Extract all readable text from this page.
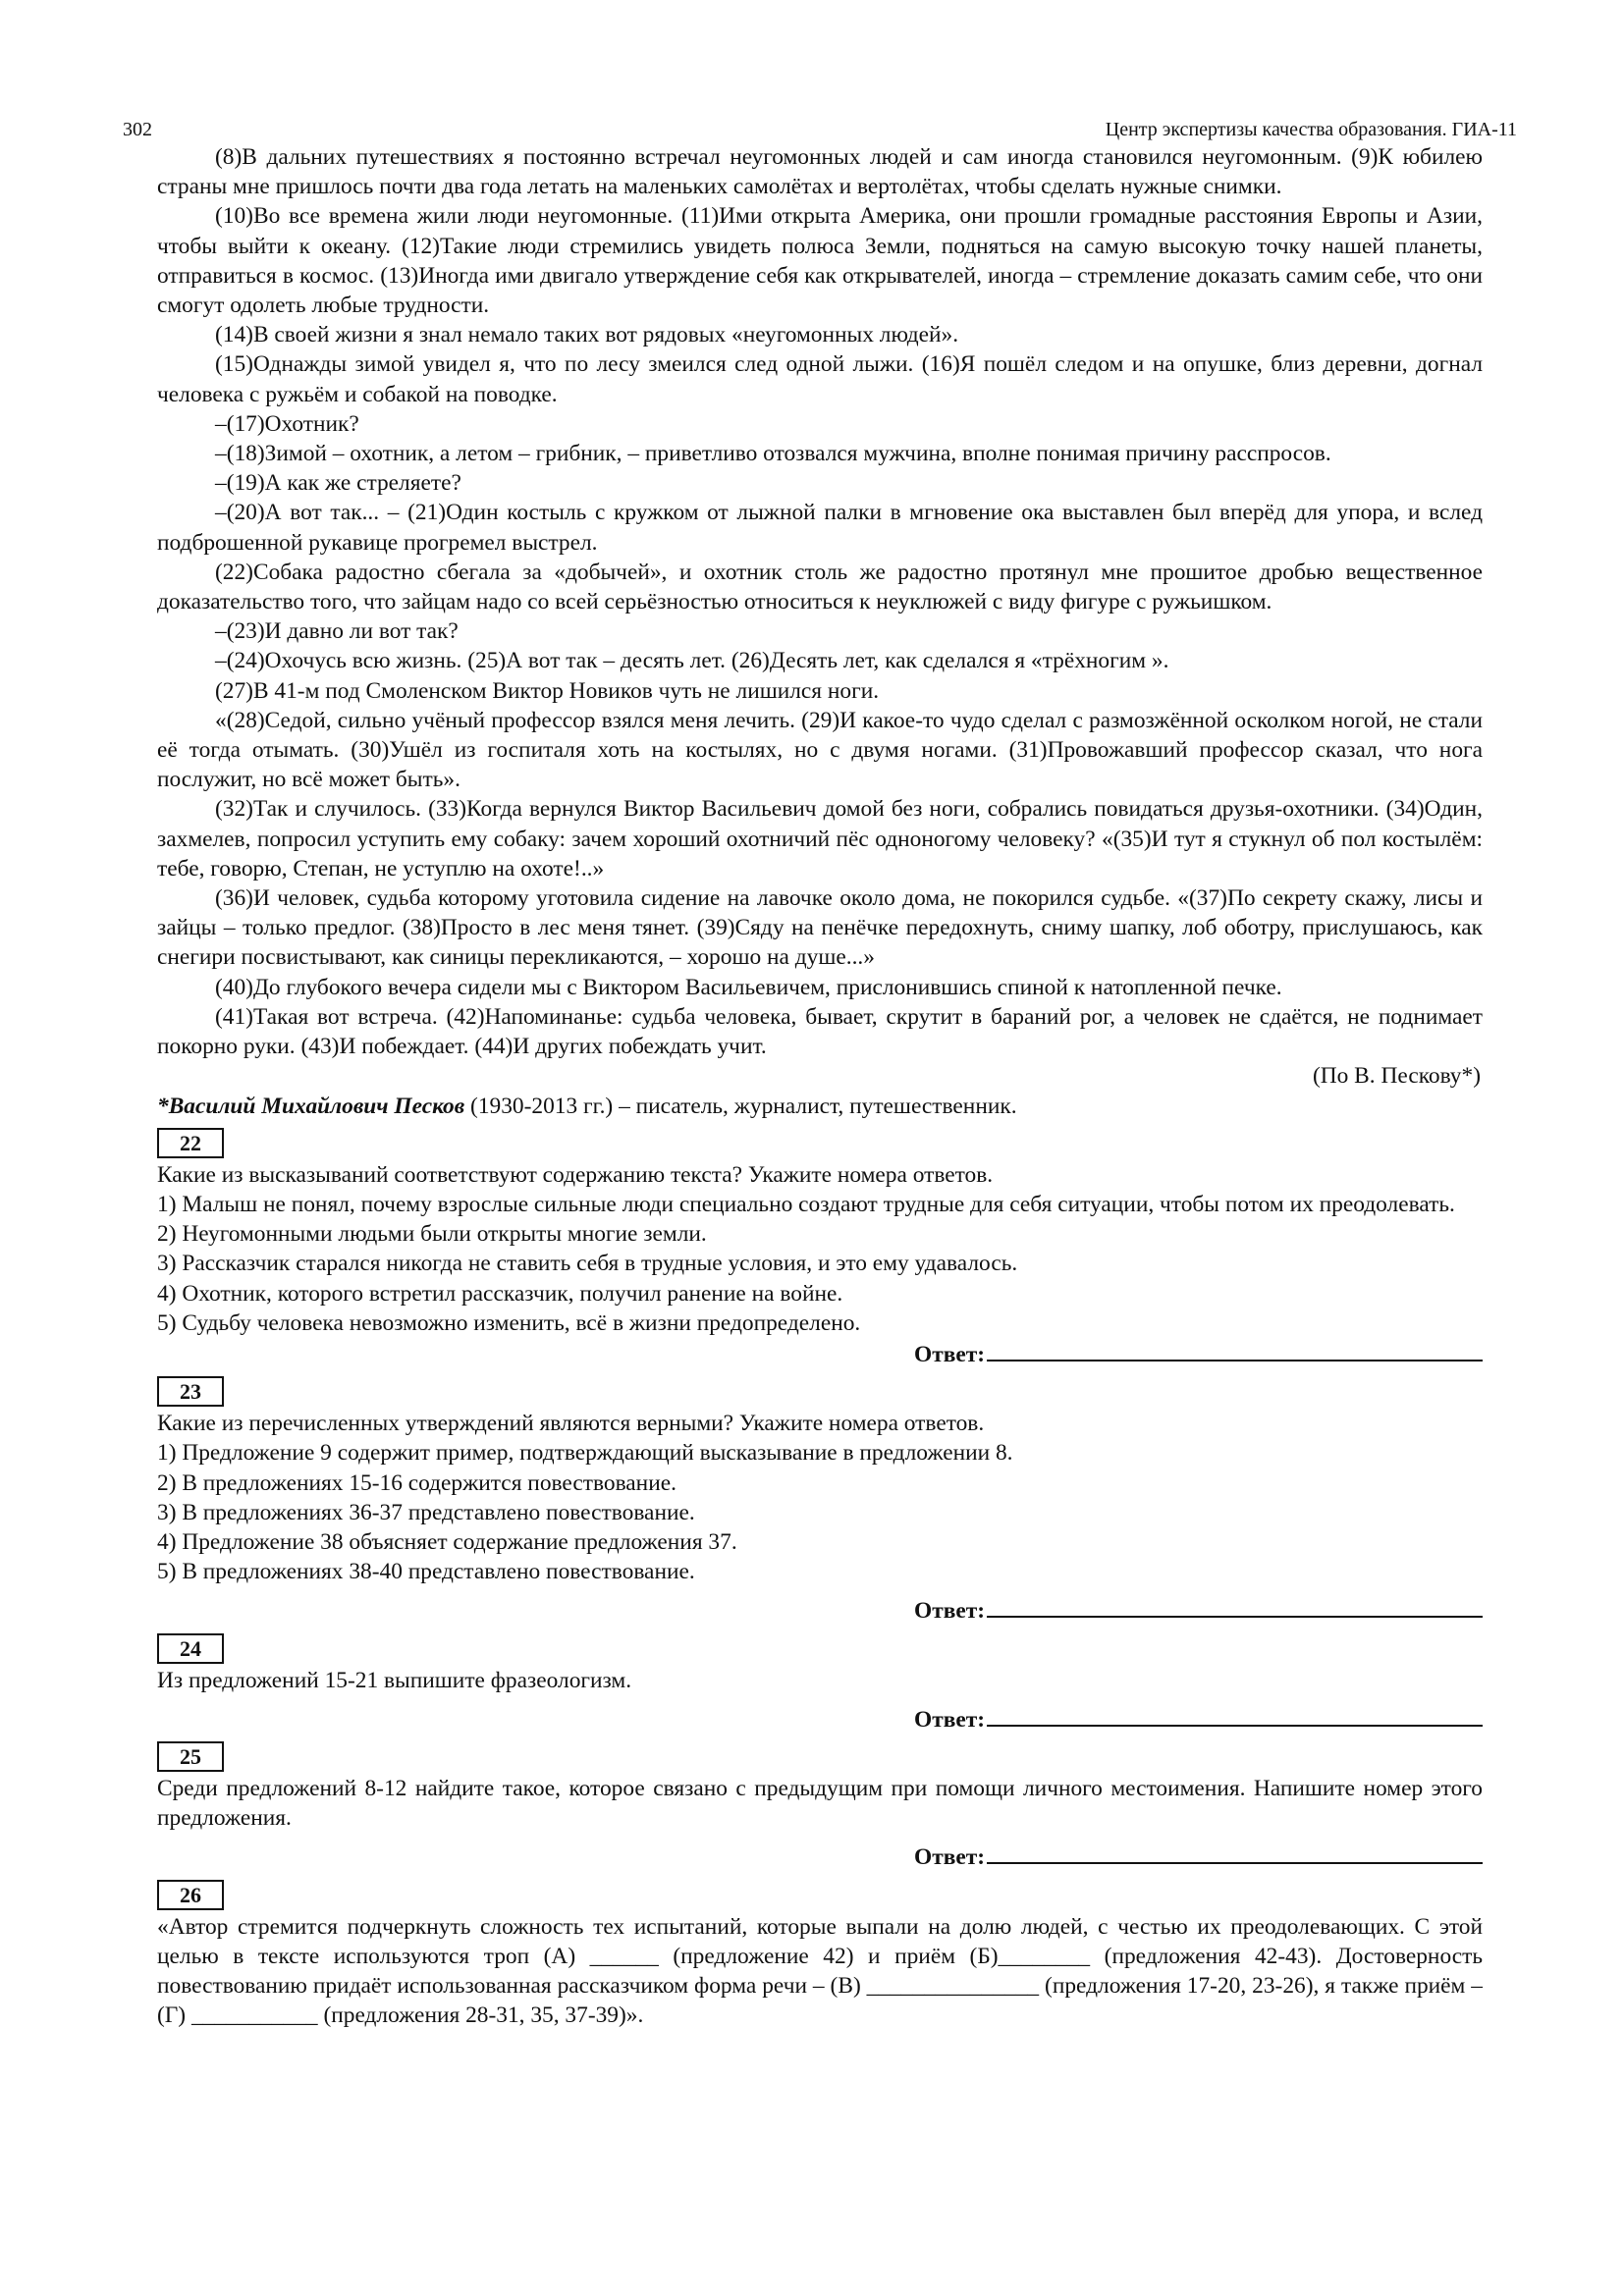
302	Центр экспертизы качества образования. ГИА-11

(8)В дальних путешествиях я постоянно встречал неугомонных людей и сам иногда становился неугомонным. (9)К юбилею страны мне пришлось почти два года летать на маленьких самолётах и вертолётах, чтобы сделать нужные снимки.

(10)Во все времена жили люди неугомонные. (11)Ими открыта Америка, они прошли громадные расстояния Европы и Азии, чтобы выйти к океану. (12)Такие люди стремились увидеть полюса Земли, подняться на самую высокую точку нашей планеты, отправиться в космос. (13)Иногда ими двигало утверждение себя как открывателей, иногда – стремление доказать самим себе, что они смогут одолеть любые трудности.

(14)В своей жизни я знал немало таких вот рядовых «неугомонных людей».

(15)Однажды зимой увидел я, что по лесу змеился след одной лыжи. (16)Я пошёл следом и на опушке, близ деревни, догнал человека с ружьём и собакой на поводке.

–(17)Охотник?

–(18)Зимой – охотник, а летом – грибник, – приветливо отозвался мужчина, вполне понимая причину расспросов.

–(19)А как же стреляете?

–(20)А вот так... – (21)Один костыль с кружком от лыжной палки в мгновение ока выставлен был вперёд для упора, и вслед подброшенной рукавице прогремел выстрел.

(22)Собака радостно сбегала за «добычей», и охотник столь же радостно протянул мне прошитое дробью вещественное доказательство того, что зайцам надо со всей серьёзностью относиться к неуклюжей с виду фигуре с ружьишком.

–(23)И давно ли вот так?

–(24)Охочусь всю жизнь. (25)А вот так – десять лет. (26)Десять лет, как сделался я «трёхногим ».

(27)В 41-м под Смоленском Виктор Новиков чуть не лишился ноги.

«(28)Седой, сильно учёный профессор взялся меня лечить. (29)И какое-то чудо сделал с размозжённой осколком ногой, не стали её тогда отымать. (30)Ушёл из госпиталя хоть на костылях, но с двумя ногами. (31)Провожавший профессор сказал, что нога послужит, но всё может быть».

(32)Так и случилось. (33)Когда вернулся Виктор Васильевич домой без ноги, собрались повидаться друзья-охотники. (34)Один, захмелев, попросил уступить ему собаку: зачем хороший охотничий пёс одноногому человеку? «(35)И тут я стукнул об пол костылём: тебе, говорю, Степан, не уступлю на охоте!..»

(36)И человек, судьба которому уготовила сидение на лавочке около дома, не покорился судьбе. «(37)По секрету скажу, лисы и зайцы – только предлог. (38)Просто в лес меня тянет. (39)Сяду на пенёчке передохнуть, сниму шапку, лоб оботру, прислушаюсь, как снегири посвистывают, как синицы перекликаются, – хорошо на душе...»

(40)До глубокого вечера сидели мы с Виктором Васильевичем, прислонившись спиной к натопленной печке.

(41)Такая вот встреча. (42)Напоминанье: судьба человека, бывает, скрутит в бараний рог, а человек не сдаётся, не поднимает покорно руки. (43)И побеждает. (44)И других побеждать учит.

(По В. Пескову*)

*Василий Михайлович Песков (1930-2013 гг.) – писатель, журналист, путешественник.

22

Какие из высказываний соответствуют содержанию текста? Укажите номера ответов.

1) Малыш не понял, почему взрослые сильные люди специально создают трудные для себя ситуации, чтобы потом их преодолевать.

2) Неугомонными людьми были открыты многие земли.

3) Рассказчик старался никогда не ставить себя в трудные условия, и это ему удавалось.

4) Охотник, которого встретил рассказчик, получил ранение на войне.

5) Судьбу человека невозможно изменить, всё в жизни предопределено.

Ответ:

23

Какие из перечисленных утверждений являются верными? Укажите номера ответов.

1) Предложение 9 содержит пример, подтверждающий высказывание в предложении 8.

2) В предложениях 15-16 содержится повествование.

3) В предложениях 36-37 представлено повествование.

4) Предложение 38 объясняет содержание предложения 37.

5) В предложениях 38-40 представлено повествование.

Ответ:

24

Из предложений 15-21 выпишите фразеологизм.

Ответ:

25

Среди предложений 8-12 найдите такое, которое связано с предыдущим при помощи личного местоимения. Напишите номер этого предложения.

Ответ:

26

«Автор стремится подчеркнуть сложность тех испытаний, которые выпали на долю людей, с честью их преодолевающих. С этой целью в тексте используются троп (А) ______ (предложение 42) и приём (Б)________ (предложения 42-43). Достоверность повествованию придаёт использованная рассказчиком форма речи – (В) _______________ (предложения 17-20, 23-26), я также приём – (Г) ___________ (предложения 28-31, 35, 37-39)».
